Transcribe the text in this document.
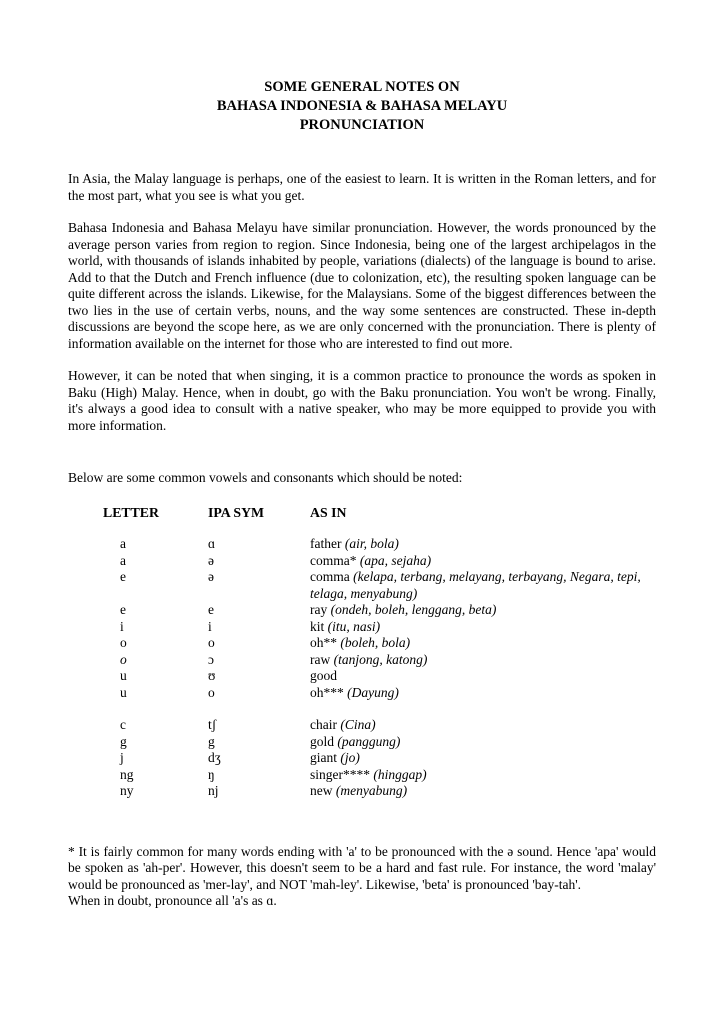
SOME GENERAL NOTES ON
BAHASA INDONESIA & BAHASA MELAYU
PRONUNCIATION

In Asia, the Malay language is perhaps, one of the easiest to learn. It is written in the Roman letters, and for the most part, what you see is what you get.

Bahasa Indonesia and Bahasa Melayu have similar pronunciation. However, the words pronounced by the average person varies from region to region. Since Indonesia, being one of the largest archipelagos in the world, with thousands of islands inhabited by people, variations (dialects) of the language is bound to arise. Add to that the Dutch and French influence (due to colonization, etc), the resulting spoken language can be quite different across the islands. Likewise, for the Malaysians. Some of the biggest differences between the two lies in the use of certain verbs, nouns, and the way some sentences are constructed. These in-depth discussions are beyond the scope here, as we are only concerned with the pronunciation. There is plenty of information available on the internet for those who are interested to find out more.

However, it can be noted that when singing, it is a common practice to pronounce the words as spoken in Baku (High) Malay. Hence, when in doubt, go with the Baku pronunciation. You won't be wrong. Finally, it's always a good idea to consult with a native speaker, who may be more equipped to provide you with more information.

Below are some common vowels and consonants which should be noted:

LETTER	IPA SYM	AS IN
a	ɑ	father (air, bola)
a	ə	comma* (apa, sejaha)
e	ə	comma (kelapa, terbang, melayang, terbayang, Negara, tepi, telaga, menyabung)
e	e	ray (ondeh, boleh, lenggang, beta)
i	i	kit (itu, nasi)
o	o	oh** (boleh, bola)
o	ɔ	raw (tanjong, katong)
u	ʊ	good
u	o	oh*** (Dayung)
c	tʃ	chair (Cina)
g	g	gold (panggung)
j	dʒ	giant (jo)
ng	ŋ	singer**** (hinggap)
ny	nj	new (menyabung)

* It is fairly common for many words ending with 'a' to be pronounced with the ə sound. Hence 'apa' would be spoken as 'ah-per'. However, this doesn't seem to be a hard and fast rule. For instance, the word 'malay' would be pronounced as 'mer-lay', and NOT 'mah-ley'. Likewise, 'beta' is pronounced 'bay-tah'.

When in doubt, pronounce all 'a's as ɑ.
